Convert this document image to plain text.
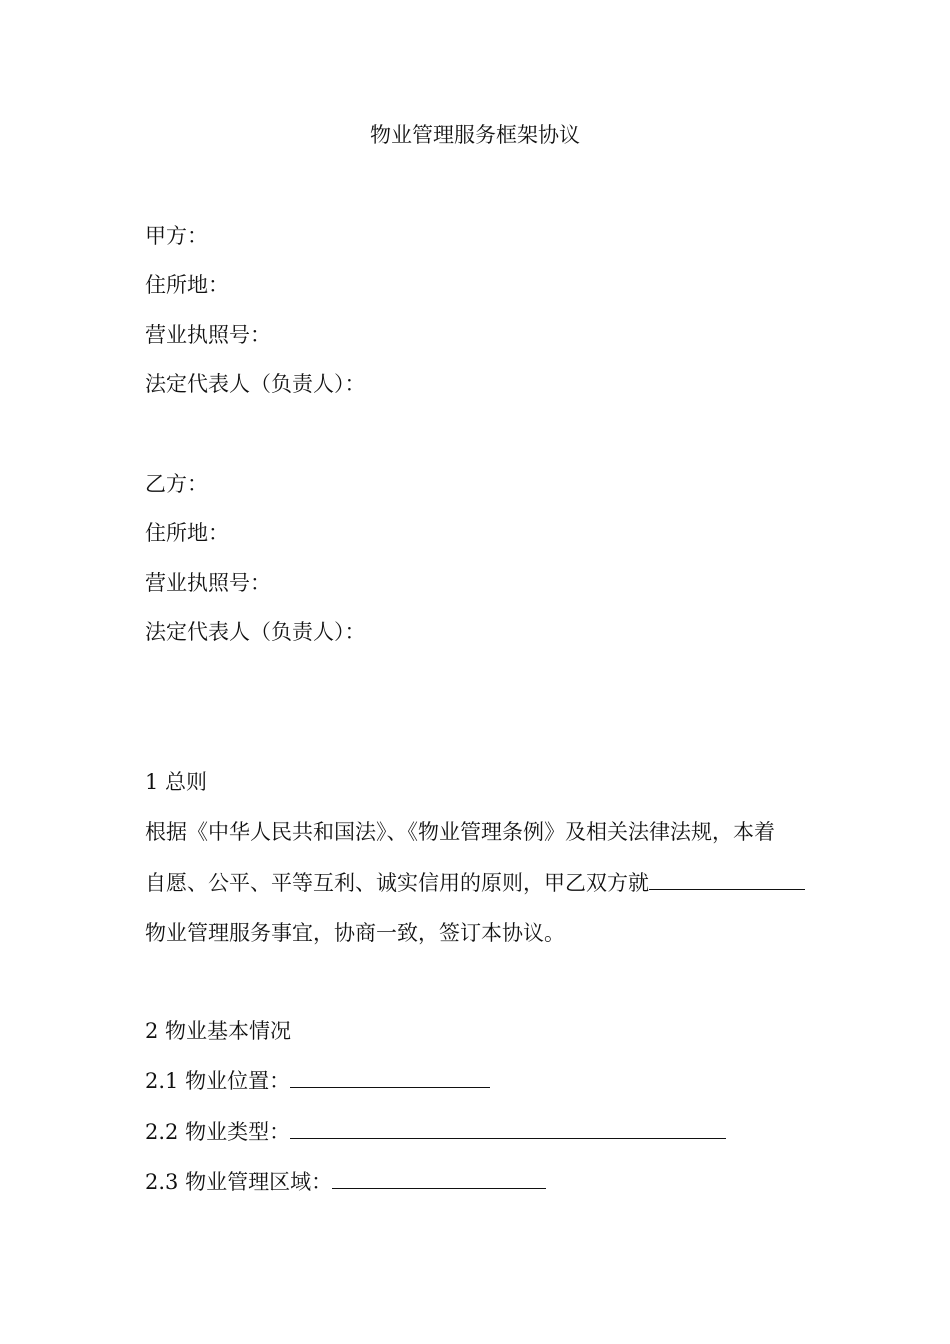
物业管理服务框架协议

甲方：

住所地：

营业执照号：

法定代表人（负责人）：

乙方：

住所地：

营业执照号：

法定代表人（负责人）：

1 总则

根据《中华人民共和国法》、《物业管理条例》及相关法律法规，本着

自愿、公平、平等互利、诚实信用的原则，甲乙双方就

物业管理服务事宜，协商一致，签订本协议。

2 物业基本情况

2.1 物业位置：

2.2 物业类型：

2.3 物业管理区域：
